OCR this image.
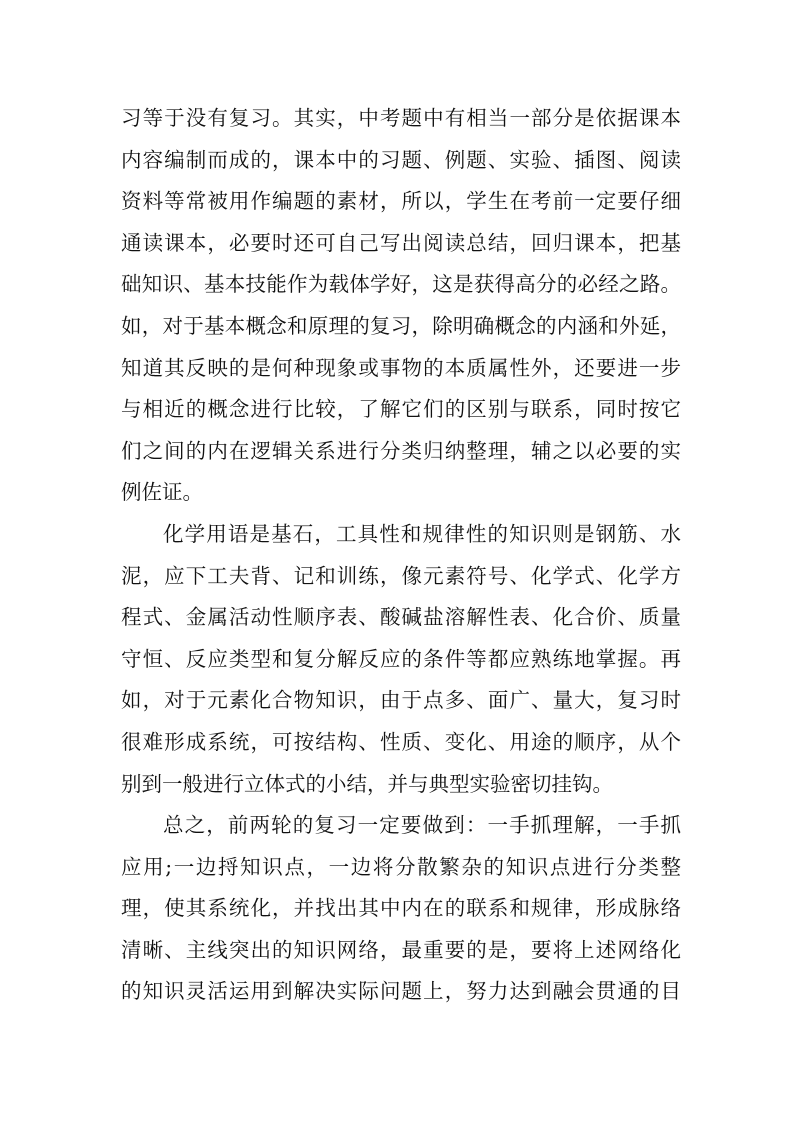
习等于没有复习。其实，中考题中有相当一部分是依据课本
内容编制而成的，课本中的习题、例题、实验、插图、阅读
资料等常被用作编题的素材，所以，学生在考前一定要仔细
通读课本，必要时还可自己写出阅读总结，回归课本，把基
础知识、基本技能作为载体学好，这是获得高分的必经之路。
如，对于基本概念和原理的复习，除明确概念的内涵和外延，
知道其反映的是何种现象或事物的本质属性外，还要进一步
与相近的概念进行比较，了解它们的区别与联系，同时按它
们之间的内在逻辑关系进行分类归纳整理，辅之以必要的实
例佐证。
化学用语是基石，工具性和规律性的知识则是钢筋、水
泥，应下工夫背、记和训练，像元素符号、化学式、化学方
程式、金属活动性顺序表、酸碱盐溶解性表、化合价、质量
守恒、反应类型和复分解反应的条件等都应熟练地掌握。再
如，对于元素化合物知识，由于点多、面广、量大，复习时
很难形成系统，可按结构、性质、变化、用途的顺序，从个
别到一般进行立体式的小结，并与典型实验密切挂钩。
总之，前两轮的复习一定要做到：一手抓理解，一手抓
应用;一边捋知识点，一边将分散繁杂的知识点进行分类整
理，使其系统化，并找出其中内在的联系和规律，形成脉络
清晰、主线突出的知识网络，最重要的是，要将上述网络化
的知识灵活运用到解决实际问题上，努力达到融会贯通的目
